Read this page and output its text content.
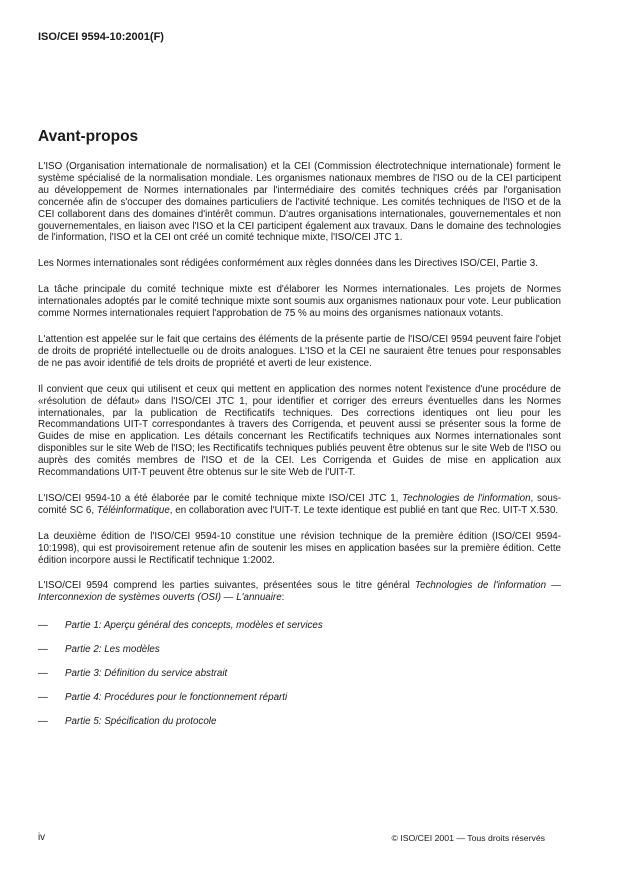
ISO/CEI 9594-10:2001(F)
Avant-propos

L'ISO (Organisation internationale de normalisation) et la CEI (Commission électrotechnique internationale) forment le système spécialisé de la normalisation mondiale. Les organismes nationaux membres de l'ISO ou de la CEI participent au développement de Normes internationales par l'intermédiaire des comités techniques créés par l'organisation concernée afin de s'occuper des domaines particuliers de l'activité technique. Les comités techniques de l'ISO et de la CEI collaborent dans des domaines d'intérêt commun. D'autres organisations internationales, gouvernementales et non gouvernementales, en liaison avec l'ISO et la CEI participent également aux travaux. Dans le domaine des technologies de l'information, l'ISO et la CEI ont créé un comité technique mixte, l'ISO/CEI JTC 1.

Les Normes internationales sont rédigées conformément aux règles données dans les Directives ISO/CEI, Partie 3.

La tâche principale du comité technique mixte est d'élaborer les Normes internationales. Les projets de Normes internationales adoptés par le comité technique mixte sont soumis aux organismes nationaux pour vote. Leur publication comme Normes internationales requiert l'approbation de 75 % au moins des organismes nationaux votants.

L'attention est appelée sur le fait que certains des éléments de la présente partie de l'ISO/CEI 9594 peuvent faire l'objet de droits de propriété intellectuelle ou de droits analogues. L'ISO et la CEI ne sauraient être tenues pour responsables de ne pas avoir identifié de tels droits de propriété et averti de leur existence.

Il convient que ceux qui utilisent et ceux qui mettent en application des normes notent l'existence d'une procédure de «résolution de défaut» dans l'ISO/CEI JTC 1, pour identifier et corriger des erreurs éventuelles dans les Normes internationales, par la publication de Rectificatifs techniques. Des corrections identiques ont lieu pour les Recommandations UIT-T correspondantes à travers des Corrigenda, et peuvent aussi se présenter sous la forme de Guides de mise en application. Les détails concernant les Rectificatifs techniques aux Normes internationales sont disponibles sur le site Web de l'ISO; les Rectificatifs techniques publiés peuvent être obtenus sur le site Web de l'ISO ou auprès des comités membres de l'ISO et de la CEI. Les Corrigenda et Guides de mise en application aux Recommandations UIT-T peuvent être obtenus sur le site Web de l'UIT-T.

L'ISO/CEI 9594-10 a été élaborée par le comité technique mixte ISO/CEI JTC 1, Technologies de l'information, sous-comité SC 6, Téléinformatique, en collaboration avec l'UIT-T. Le texte identique est publié en tant que Rec. UIT-T X.530.

La deuxième édition de l'ISO/CEI 9594-10 constitue une révision technique de la première édition (ISO/CEI 9594-10:1998), qui est provisoirement retenue afin de soutenir les mises en application basées sur la première édition. Cette édition incorpore aussi le Rectificatif technique 1:2002.

L'ISO/CEI 9594 comprend les parties suivantes, présentées sous le titre général Technologies de l'information — Interconnexion de systèmes ouverts (OSI) — L'annuaire:

—	Partie 1: Aperçu général des concepts, modèles et services
—	Partie 2: Les modèles
—	Partie 3: Définition du service abstrait
—	Partie 4: Procédures pour le fonctionnement réparti
—	Partie 5: Spécification du protocole
iv	© ISO/CEI 2001 — Tous droits réservés
